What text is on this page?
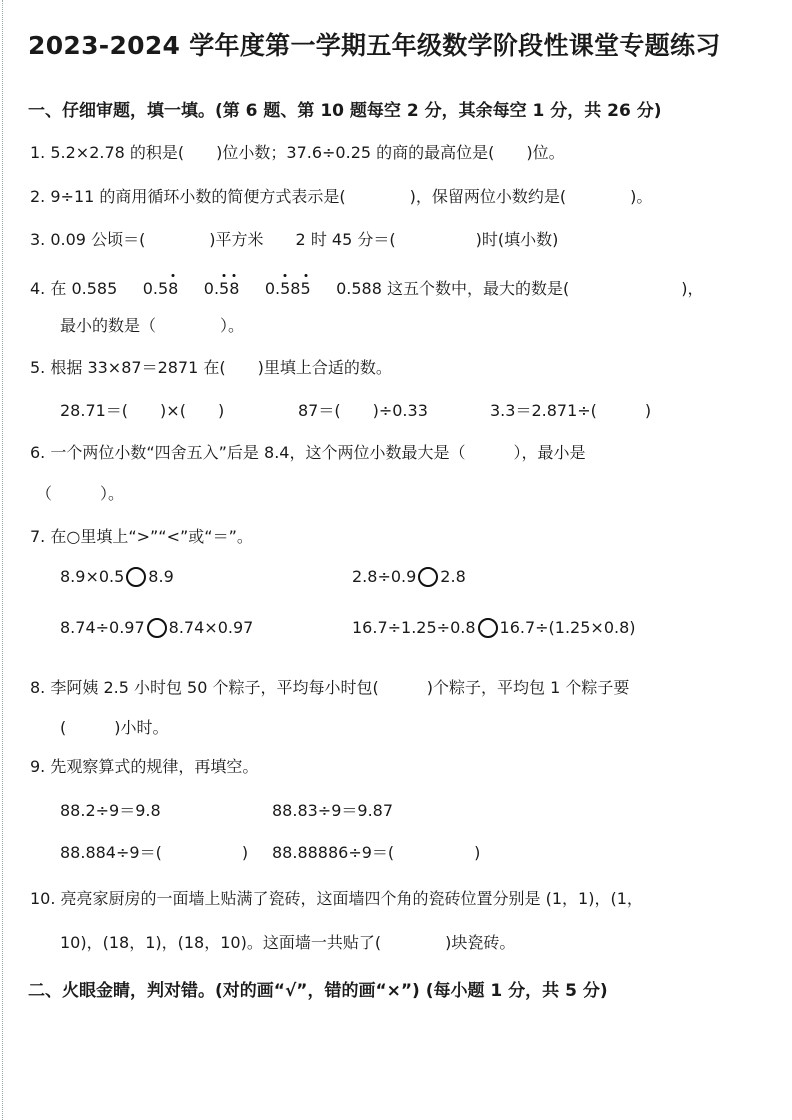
2023-2024 学年度第一学期五年级数学阶段性课堂专题练习
一、仔细审题，填一填。(第 6 题、第 10 题每空 2 分，其余每空 1 分，共 26 分)
1. 5.2×2.78 的积是(　　)位小数；37.6÷0.25 的商的最高位是(　　)位。
2. 9÷11 的商用循环小数的简便方式表示是(　　　　)，保留两位小数约是(　　　　)。
3. 0.09 公顷＝(　　　　)平方米　　2 时 45 分＝(　　　　　)时(填小数)
4. 在 0.585 0.58 0.58 0.585 0.588 这五个数中，最大的数是(　　　　　　　)，
最小的数是（　　　　）。
5. 根据 33×87＝2871 在(　　)里填上合适的数。
28.71＝(　　)×(　　)	87＝(　　)÷0.33	3.3＝2.871÷(　　　)
6. 一个两位小数“四舍五入”后是 8.4，这个两位小数最大是（　　　），最小是
（　　　）。
7. 在○里填上“>”“<”或“＝”。
8.9×0.5 8.9	2.8÷0.9 2.8
8.74÷0.97 8.74×0.97	16.7÷1.25÷0.8 16.7÷(1.25×0.8)
8. 李阿姨 2.5 小时包 50 个粽子，平均每小时包(　　　)个粽子，平均包 1 个粽子要
(　　　)小时。
9. 先观察算式的规律，再填空。
88.2÷9＝9.8	88.83÷9＝9.87
88.884÷9＝(　　　　　) 88.88886÷9＝(　　　　　)
10. 亮亮家厨房的一面墙上贴满了瓷砖，这面墙四个角的瓷砖位置分别是 (1，1)，(1，
10)，(18，1)，(18，10)。这面墙一共贴了(　　　　)块瓷砖。
二、火眼金睛，判对错。(对的画“√”，错的画“×”) (每小题 1 分，共 5 分)
